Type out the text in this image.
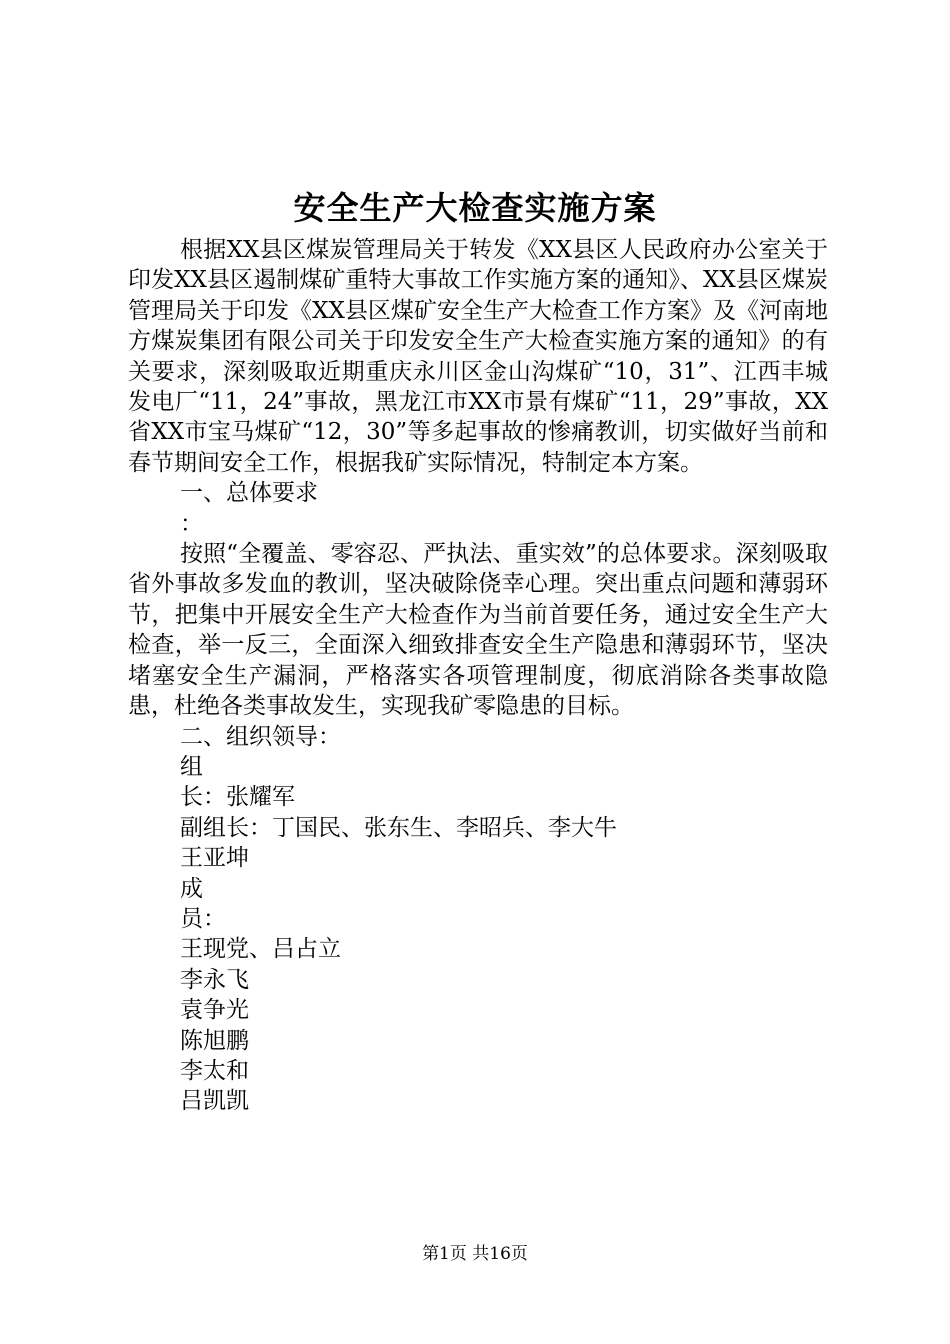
安全生产大检查实施方案

根据XX县区煤炭管理局关于转发《XX县区人民政府办公室关于印发XX县区遏制煤矿重特大事故工作实施方案的通知》、XX县区煤炭管理局关于印发《XX县区煤矿安全生产大检查工作方案》及《河南地方煤炭集团有限公司关于印发安全生产大检查实施方案的通知》的有关要求，深刻吸取近期重庆永川区金山沟煤矿“10，31”、江西丰城发电厂“11，24”事故，黑龙江市XX市景有煤矿“11，29”事故，XX省XX市宝马煤矿“12，30”等多起事故的惨痛教训，切实做好当前和春节期间安全工作，根据我矿实际情况，特制定本方案。

一、总体要求

：

按照“全覆盖、零容忍、严执法、重实效”的总体要求。深刻吸取省外事故多发血的教训，坚决破除侥幸心理。突出重点问题和薄弱环节，把集中开展安全生产大检查作为当前首要任务，通过安全生产大检查，举一反三，全面深入细致排查安全生产隐患和薄弱环节，坚决堵塞安全生产漏洞，严格落实各项管理制度，彻底消除各类事故隐患，杜绝各类事故发生，实现我矿零隐患的目标。

二、组织领导：

组

长：张耀军

副组长：丁国民、张东生、李昭兵、李大牛

王亚坤

成

员：

王现党、吕占立

李永飞

袁争光

陈旭鹏

李太和

吕凯凯

第1页 共16页
